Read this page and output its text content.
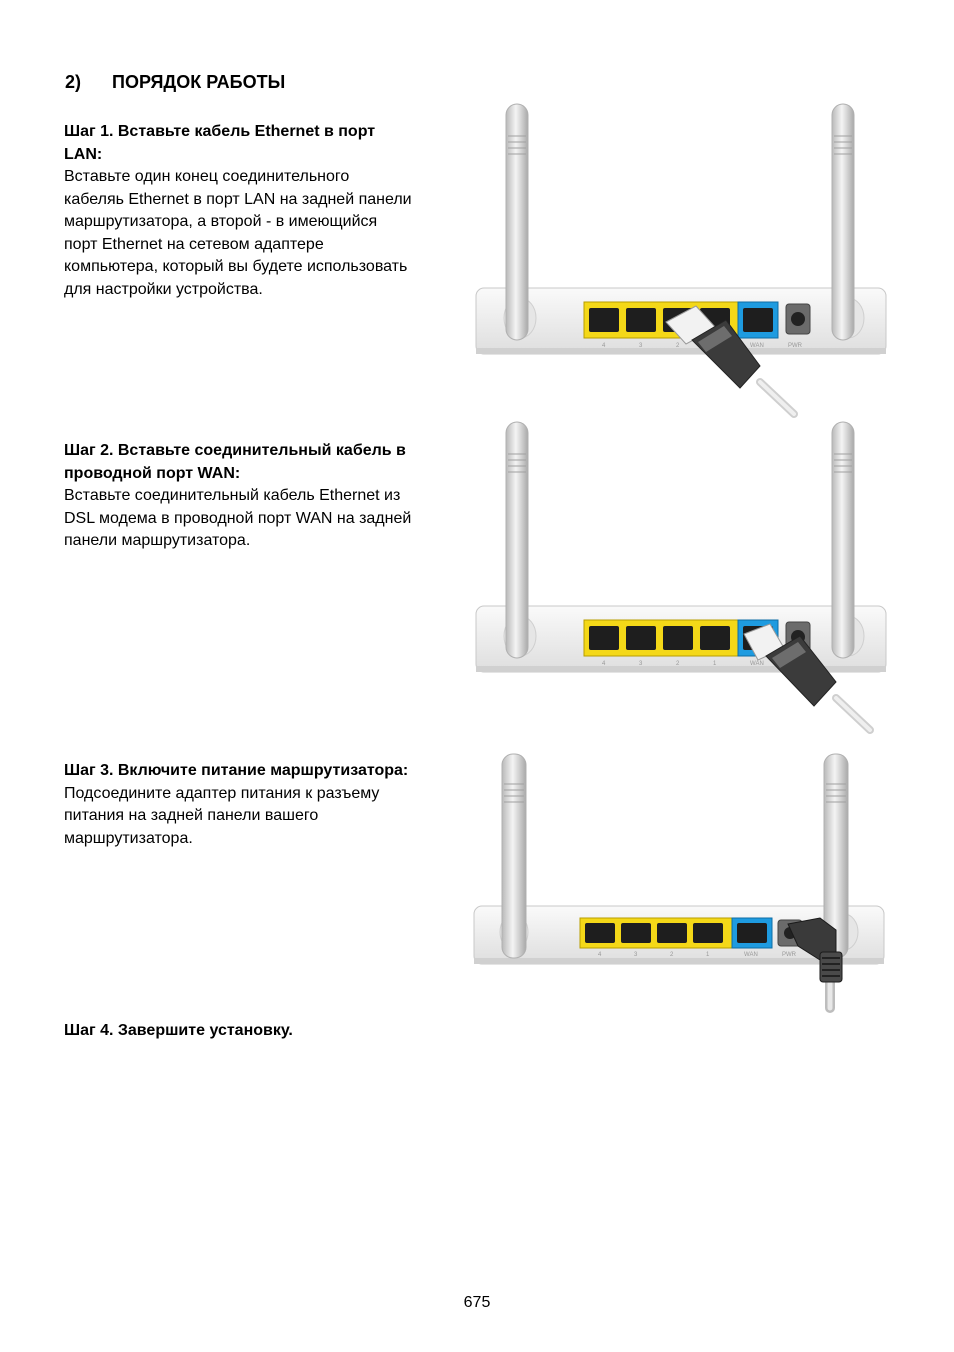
2) ПОРЯДОК РАБОТЫ
Шаг 1. Вставьте кабель Ethernet в порт
LAN:
Вставьте один конец соединительного
кабеляь Ethernet в порт LAN на задней панели
маршрутизатора, а второй - в имеющийся
порт Ethernet на сетевом адаптере
компьютера, который вы будете использовать
для настройки устройства.
Шаг 2. Вставьте соединительный кабель в
проводной порт WAN:
Вставьте соединительный кабель Ethernet из
DSL модема в проводной порт WAN на задней
панели маршрутизатора.
Шаг 3. Включите питание маршрутизатора:
Подсоедините адаптер питания к разъему
питания на задней панели вашего
маршрутизатора.
Шаг 4. Завершите установку.
4	3	2	WAN	PWR
4	3	2	1	WAN
4	3	2	1	WAN	PWR
675
